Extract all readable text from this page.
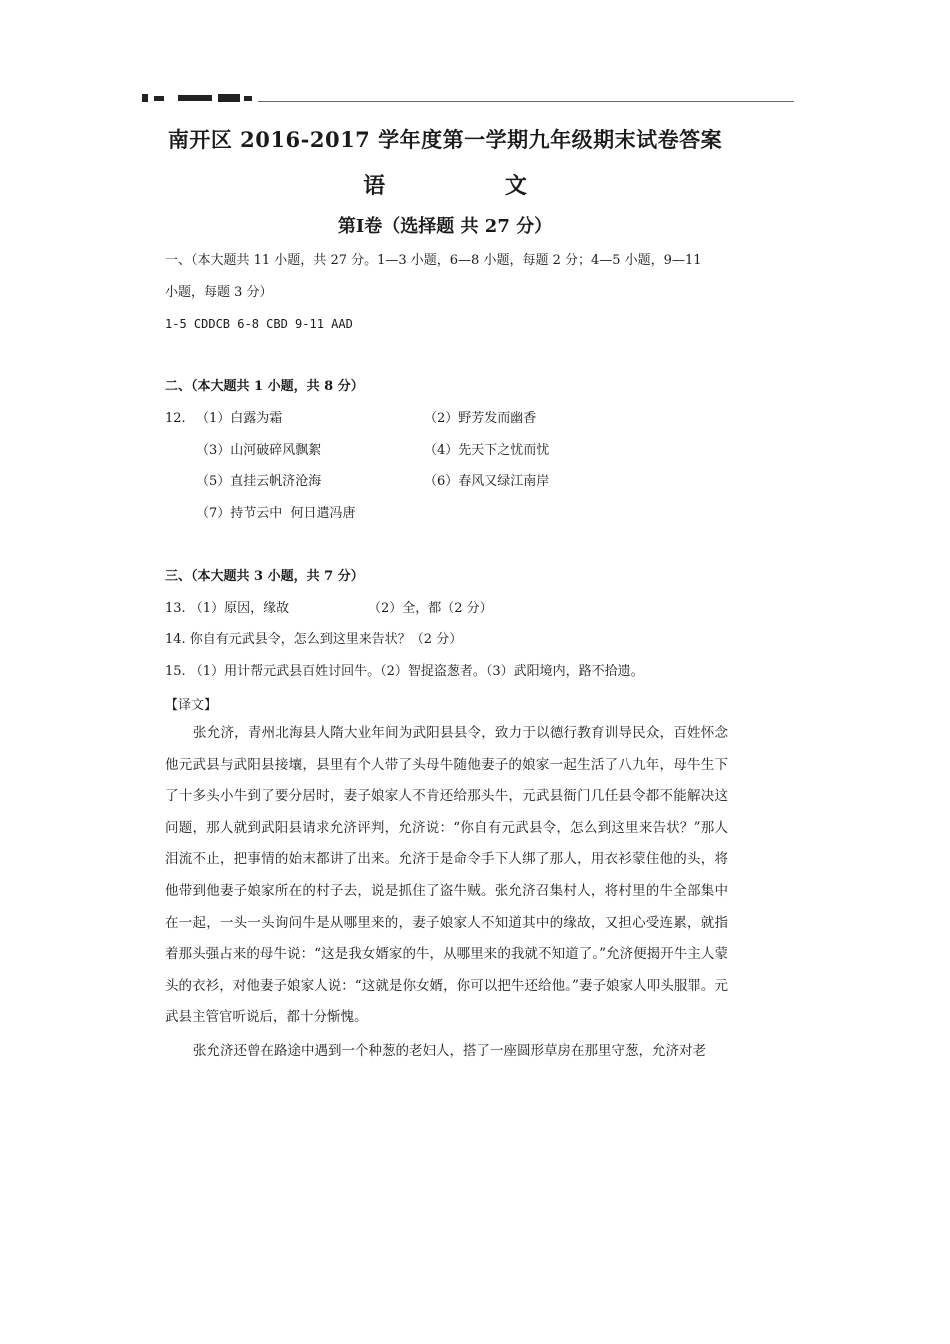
南开区 2016-2017 学年度第一学期九年级期末试卷答案
语 文
第Ⅰ卷（选择题 共 27 分）
一、（本大题共 11 小题，共 27 分。1—3 小题，6—8 小题，每题 2 分；4—5 小题，9—11
小题，每题 3 分）
1-5 CDDCB 6-8 CBD 9-11 AAD
二、（本大题共 1 小题，共 8 分）
12. （1）白露为霜	（2）野芳发而幽香
（3）山河破碎风飘絮	（4）先天下之忧而忧
（5）直挂云帆济沧海	（6）春风又绿江南岸
（7）持节云中  何日遣冯唐
三、（本大题共 3 小题，共 7 分）
13. （1）原因，缘故	（2）全，都（2 分）
14. 你自有元武县令，怎么到这里来告状？（2 分）
15. （1）用计帮元武县百姓讨回牛。（2）智捉盗葱者。（3）武阳境内，路不拾遗。
【译文】
张允济，青州北海县人隋大业年间为武阳县县令，致力于以德行教育训导民众，百姓怀念他元武县与武阳县接壤，县里有个人带了头母牛随他妻子的娘家一起生活了八九年，母牛生下了十多头小牛到了要分居时，妻子娘家人不肯还给那头牛，元武县衙门几任县令都不能解决这问题，那人就到武阳县请求允济评判，允济说：“你自有元武县令，怎么到这里来告状？”那人泪流不止，把事情的始末都讲了出来。允济于是命令手下人绑了那人，用衣衫蒙住他的头，将他带到他妻子娘家所在的村子去，说是抓住了盗牛贼。张允济召集村人，将村里的牛全部集中在一起，一头一头询问牛是从哪里来的，妻子娘家人不知道其中的缘故，又担心受连累，就指着那头强占来的母牛说：“这是我女婿家的牛，从哪里来的我就不知道了。”允济便揭开牛主人蒙头的衣衫，对他妻子娘家人说：“这就是你女婿，你可以把牛还给他。”妻子娘家人叩头服罪。元武县主管官听说后，都十分惭愧。
张允济还曾在路途中遇到一个种葱的老妇人，搭了一座圆形草房在那里守葱，允济对老
